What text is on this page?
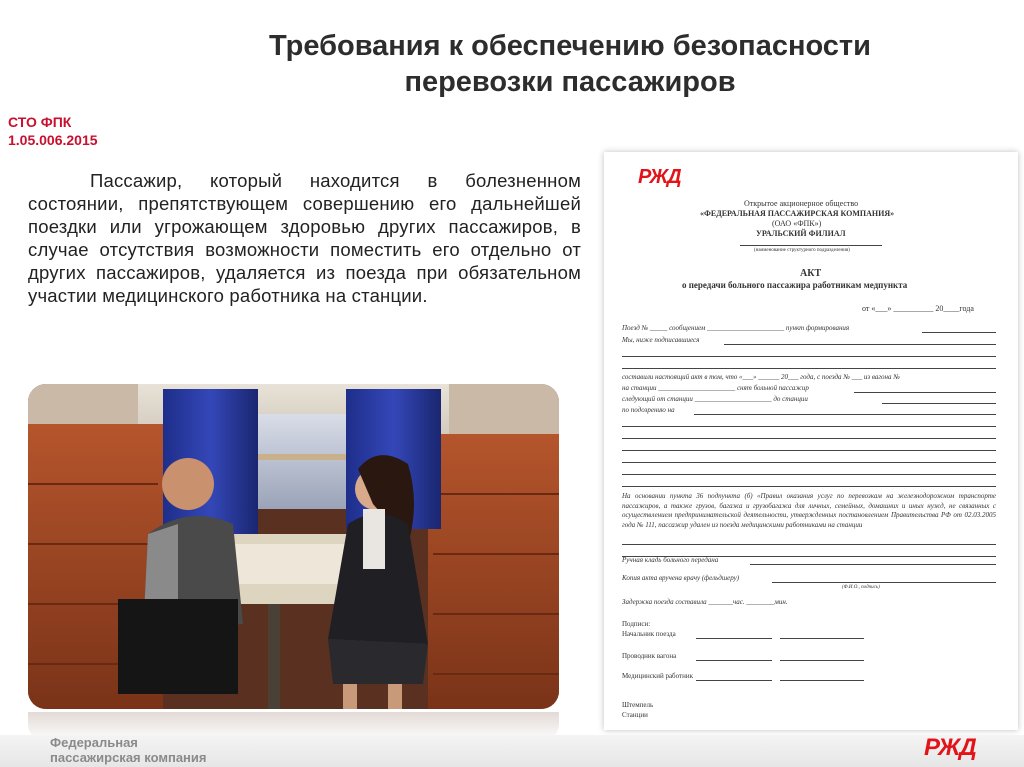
Требования к обеспечению безопасности
перевозки пассажиров
СТО ФПК
1.05.006.2015
Пассажир, который находится в болезненном состоянии, препятствующем совершению его дальнейшей поездки или угрожающем здоровью других пассажиров, в случае отсутствия возможности поместить его отдельно от других пассажиров, удаляется из поезда при обязательном участии медицинского работника на станции.
РЖД
Открытое акционерное общество
«ФЕДЕРАЛЬНАЯ ПАССАЖИРСКАЯ КОМПАНИЯ»
(ОАО «ФПК»)
УРАЛЬСКИЙ ФИЛИАЛ
(наименование структурного подразделения)
АКТ
о передачи больного пассажира работникам медпункта
от «___» __________ 20____года
Поезд № _____ сообщением ______________________ пункт формирования
Мы, ниже подписавшиеся
составили настоящий акт в том, что «___» ______ 20___ года, с поезда № ___ из вагона №
на станции ______________________ снят больной пассажир
следующий от станции ______________________ до станции
по подозрению на
На основании пункта 36 подпункта (б) «Правил оказания услуг по перевозкам на железнодорожном транспорте пассажиров, а также грузов, багажа и грузобагажа для личных, семейных, домашних и иных нужд, не связанных с осуществлением предпринимательской деятельности, утвержденных постановлением Правительства РФ от 02.03.2005 года № 111, пассажир удален из поезда медицинскими работниками на станции
Ручная кладь больного передана
Копия акта вручена врачу (фельдшеру)
(Ф.И.О., подпись)
Задержка поезда составила _______час. ________мин.
Подписи:
Начальник поезда
Проводник вагона
Медицинский работник
Штемпель
Станции
Федеральная
пассажирская компания	РЖД
